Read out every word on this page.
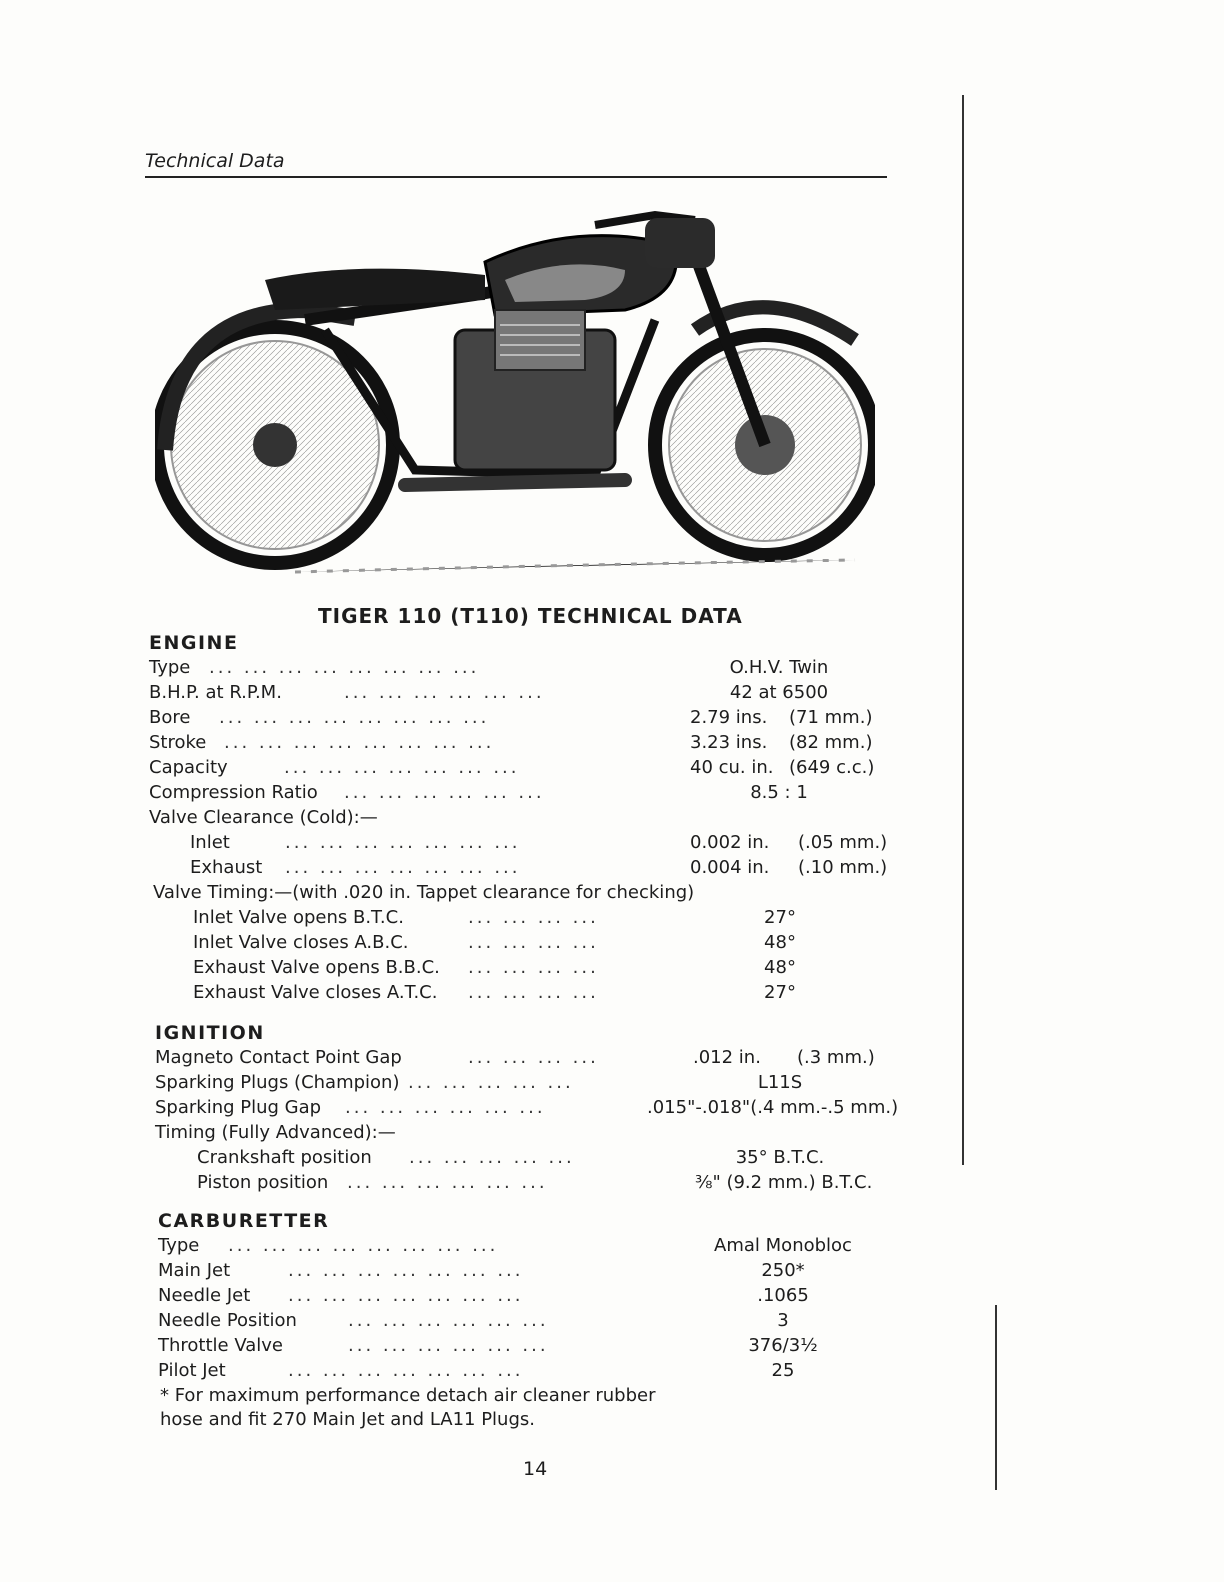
Technical Data
TIGER 110 (T110) TECHNICAL DATA
ENGINE
Type ... ... ... ... ... ... ... ...	O.H.V. Twin
B.H.P. at R.P.M.	... ... ... ... ... ...	42 at 6500
Bore ... ... ... ... ... ... ... ...	2.79 ins. (71 mm.)
Stroke ... ... ... ... ... ... ... ...	3.23 ins. (82 mm.)
Capacity	... ... ... ... ... ... ...	40 cu. in. (649 c.c.)
Compression Ratio ... ... ... ... ... ...	8.5 : 1
Valve Clearance (Cold):—
Inlet	... ... ... ... ... ... ...	0.002 in. (.05 mm.)
Exhaust ... ... ... ... ... ... ...	0.004 in. (.10 mm.)
Valve Timing:—(with .020 in. Tappet clearance for checking)
Inlet Valve opens B.T.C.	... ... ... ...	27°
Inlet Valve closes A.B.C.	... ... ... ...	48°
Exhaust Valve opens B.B.C. ... ... ... ...	48°
Exhaust Valve closes A.T.C. ... ... ... ...	27°
IGNITION
Magneto Contact Point Gap	... ... ... ...	.012 in. (.3 mm.)
Sparking Plugs (Champion) ... ... ... ... ...	L11S
Sparking Plug Gap ... ... ... ... ... ...	.015"-.018"(.4 mm.-.5 mm.)
Timing (Fully Advanced):—
Crankshaft position ... ... ... ... ...	35° B.T.C.
Piston position ... ... ... ... ... ...	⅜" (9.2 mm.) B.T.C.
CARBURETTER
Type ... ... ... ... ... ... ... ...	Amal Monobloc
Main Jet	... ... ... ... ... ... ...	250*
Needle Jet ... ... ... ... ... ... ...	.1065
Needle Position	... ... ... ... ... ...	3
Throttle Valve	... ... ... ... ... ...	376/3½
Pilot Jet	... ... ... ... ... ... ...	25
* For maximum performance detach air cleaner rubber hose and fit 270 Main Jet and LA11 Plugs.
14
